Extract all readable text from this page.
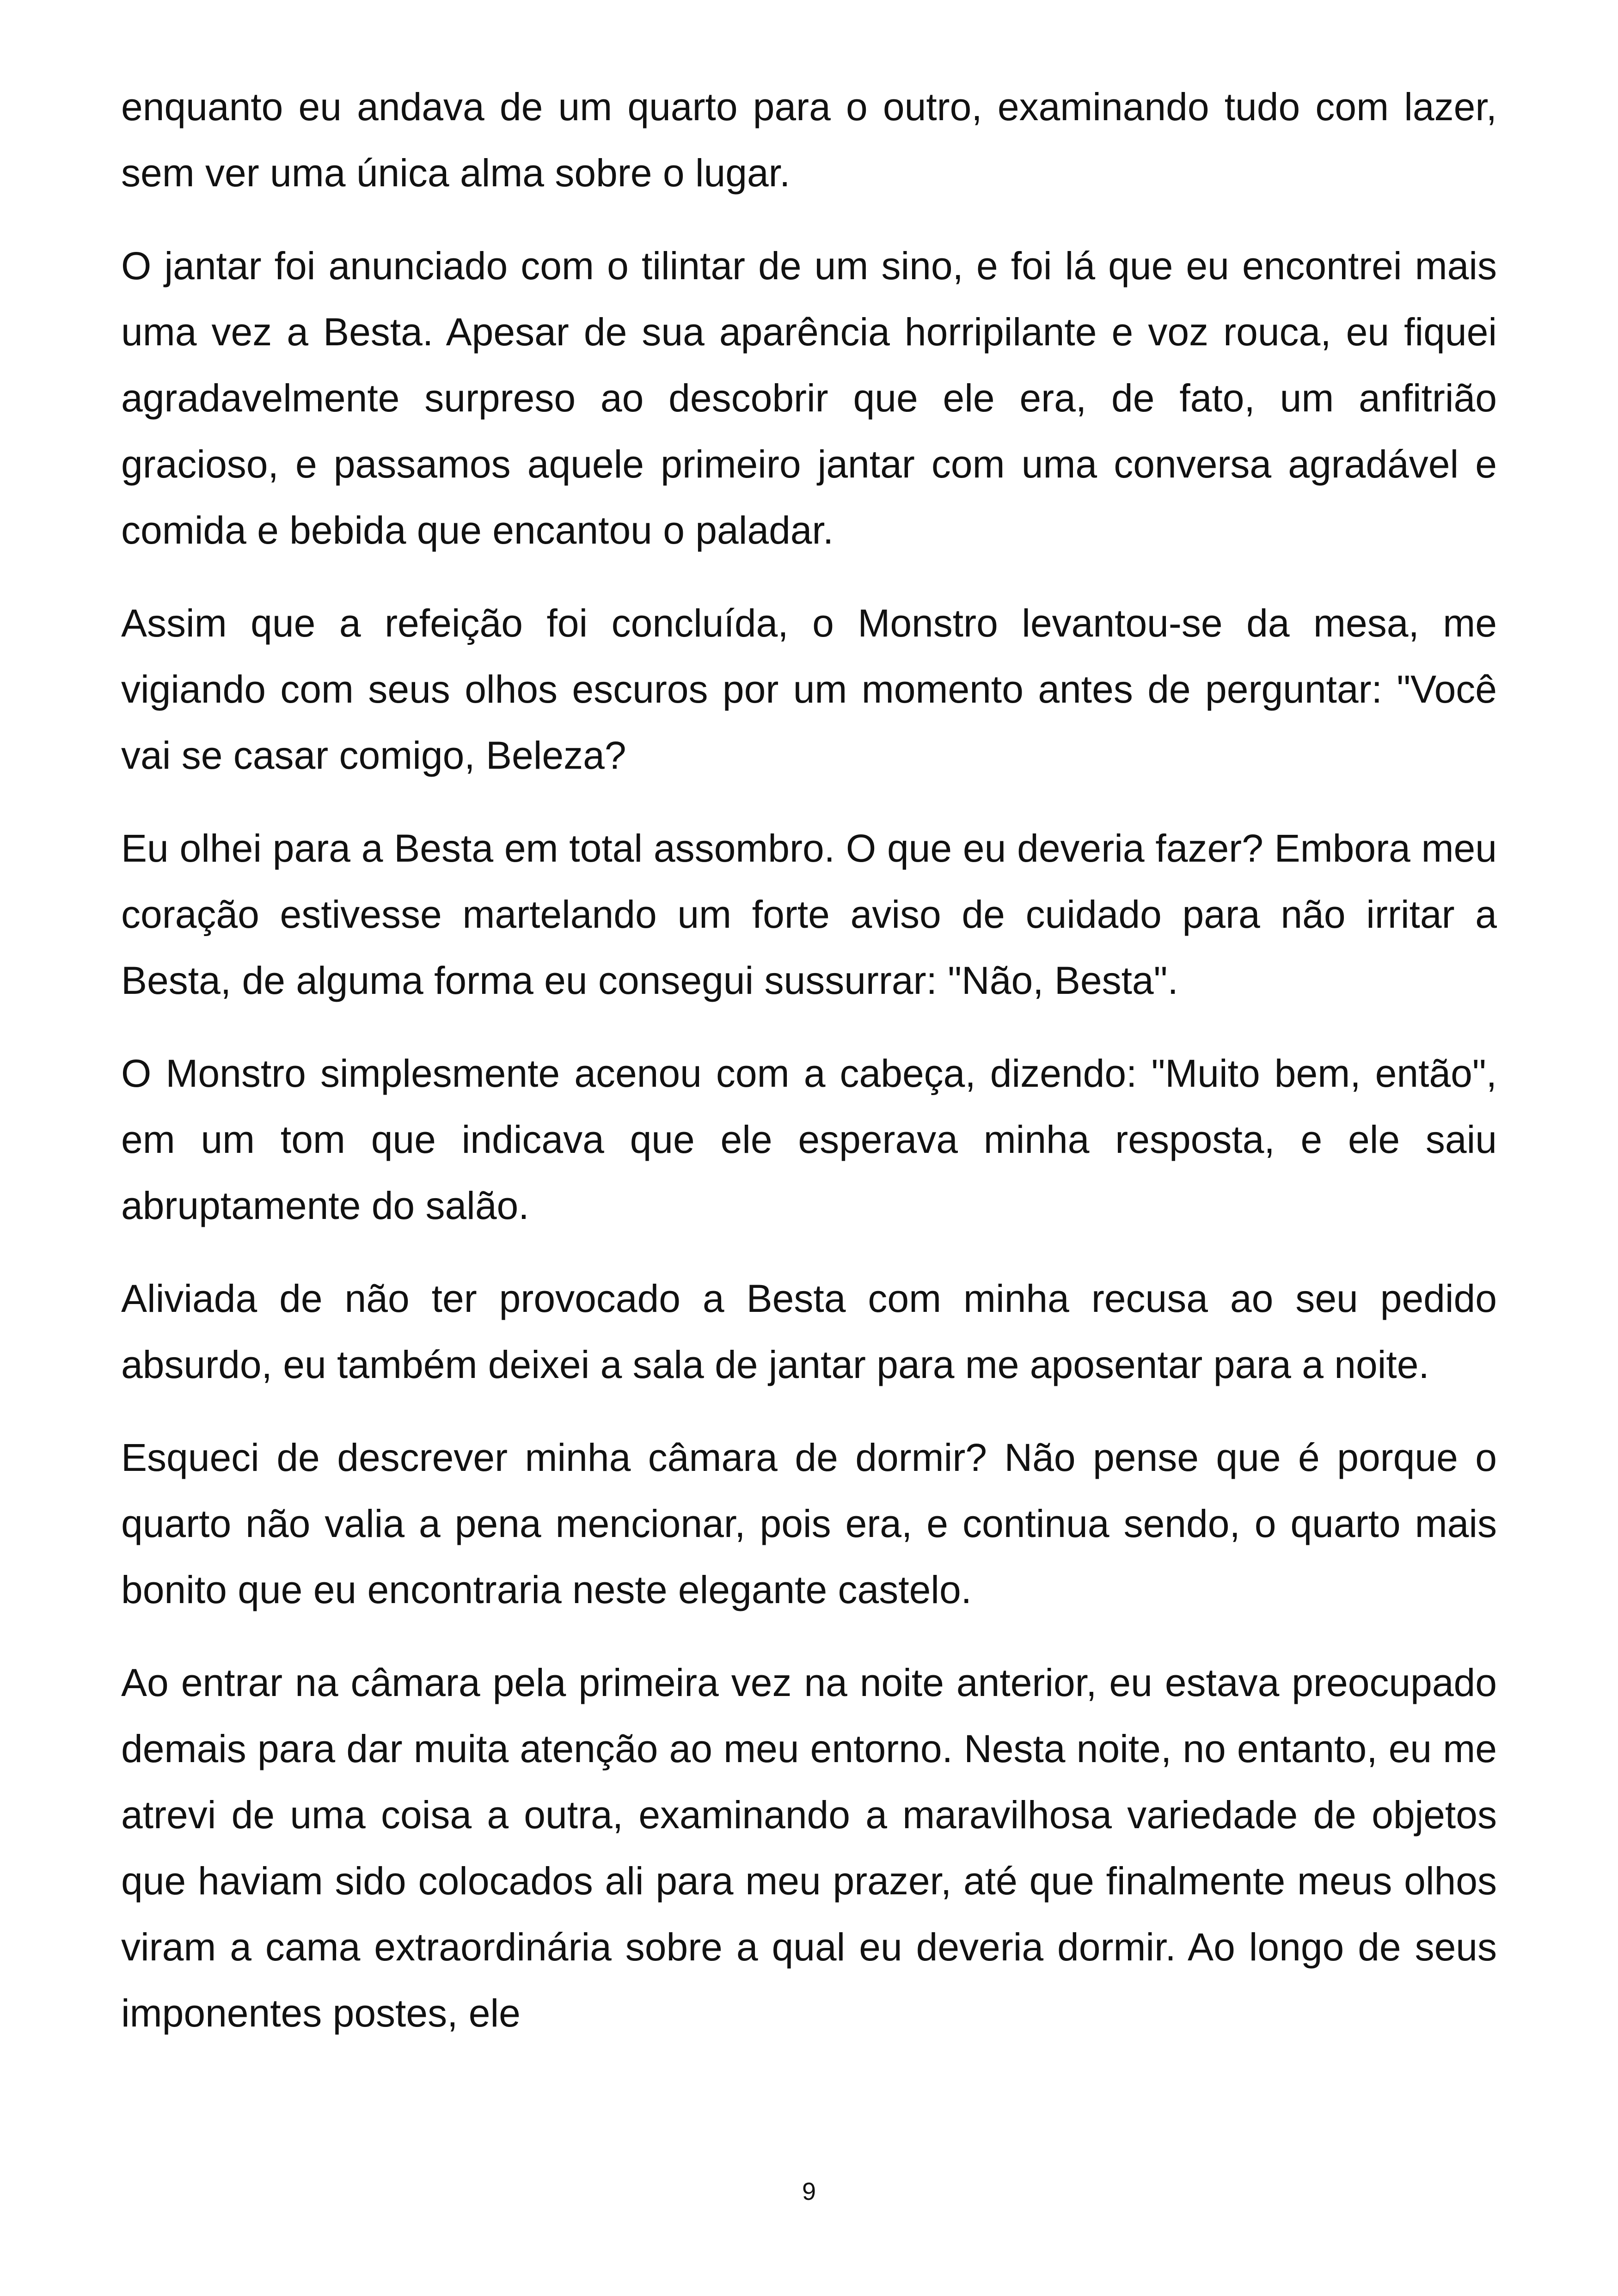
enquanto eu andava de um quarto para o outro, examinando tudo com lazer, sem ver uma única alma sobre o lugar.

O jantar foi anunciado com o tilintar de um sino, e foi lá que eu encontrei mais uma vez a Besta. Apesar de sua aparência horripilante e voz rouca, eu fiquei agradavelmente surpreso ao descobrir que ele era, de fato, um anfitrião gracioso, e passamos aquele primeiro jantar com uma conversa agradável e comida e bebida que encantou o paladar.

Assim que a refeição foi concluída, o Monstro levantou-se da mesa, me vigiando com seus olhos escuros por um momento antes de perguntar: "Você vai se casar comigo, Beleza?

Eu olhei para a Besta em total assombro. O que eu deveria fazer? Embora meu coração estivesse martelando um forte aviso de cuidado para não irritar a Besta, de alguma forma eu consegui sussurrar: "Não, Besta".

O Monstro simplesmente acenou com a cabeça, dizendo: "Muito bem, então", em um tom que indicava que ele esperava minha resposta, e ele saiu abruptamente do salão.

Aliviada de não ter provocado a Besta com minha recusa ao seu pedido absurdo, eu também deixei a sala de jantar para me aposentar para a noite.

Esqueci de descrever minha câmara de dormir? Não pense que é porque o quarto não valia a pena mencionar, pois era, e continua sendo, o quarto mais bonito que eu encontraria neste elegante castelo.

Ao entrar na câmara pela primeira vez na noite anterior, eu estava preocupado demais para dar muita atenção ao meu entorno. Nesta noite, no entanto, eu me atrevi de uma coisa a outra, examinando a maravilhosa variedade de objetos que haviam sido colocados ali para meu prazer, até que finalmente meus olhos viram a cama extraordinária sobre a qual eu deveria dormir. Ao longo de seus imponentes postes, ele

9
